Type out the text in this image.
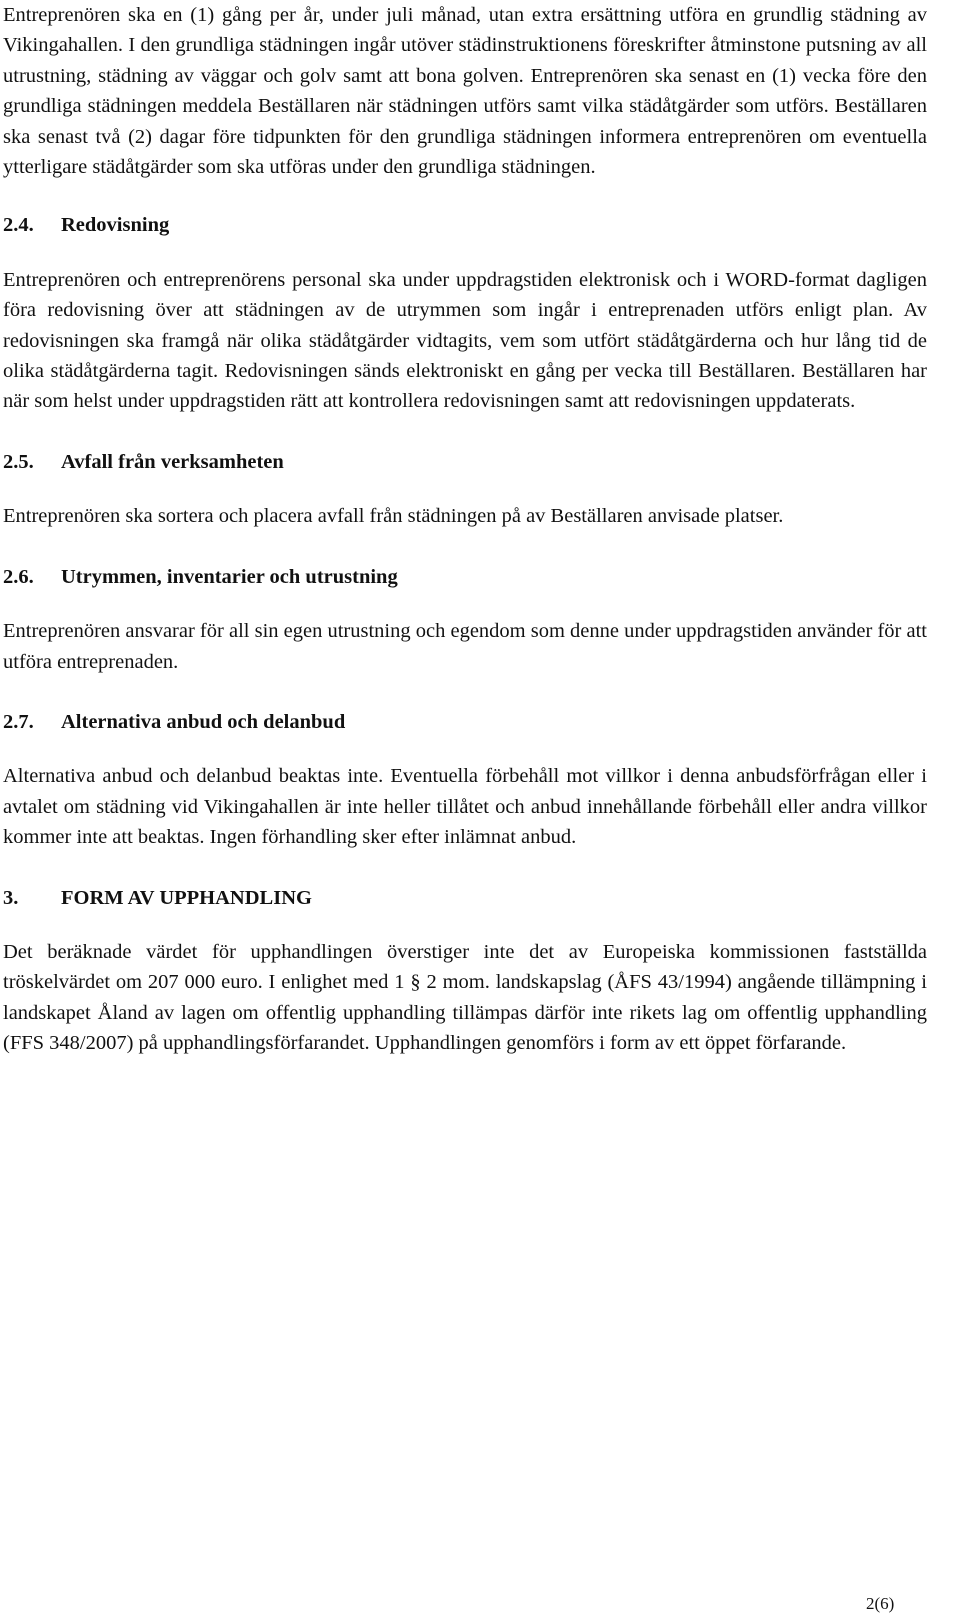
Entreprenören ska en (1) gång per år, under juli månad, utan extra ersättning utföra en grundlig städning av Vikingahallen. I den grundliga städningen ingår utöver städinstruktionens föreskrifter åtminstone putsning av all utrustning, städning av väggar och golv samt att bona golven. Entreprenören ska senast en (1) vecka före den grundliga städningen meddela Beställaren när städningen utförs samt vilka städåtgärder som utförs. Beställaren ska senast två (2) dagar före tidpunkten för den grundliga städningen informera entreprenören om eventuella ytterligare städåtgärder som ska utföras under den grundliga städningen.

2.4. Redovisning

Entreprenören och entreprenörens personal ska under uppdragstiden elektronisk och i WORD-format dagligen föra redovisning över att städningen av de utrymmen som ingår i entreprenaden utförs enligt plan. Av redovisningen ska framgå när olika städåtgärder vidtagits, vem som utfört städåtgärderna och hur lång tid de olika städåtgärderna tagit. Redovisningen sänds elektroniskt en gång per vecka till Beställaren. Beställaren har när som helst under uppdragstiden rätt att kontrollera redovisningen samt att redovisningen uppdaterats.

2.5. Avfall från verksamheten

Entreprenören ska sortera och placera avfall från städningen på av Beställaren anvisade platser.

2.6. Utrymmen, inventarier och utrustning

Entreprenören ansvarar för all sin egen utrustning och egendom som denne under uppdragstiden använder för att utföra entreprenaden.

2.7. Alternativa anbud och delanbud

Alternativa anbud och delanbud beaktas inte. Eventuella förbehåll mot villkor i denna anbudsförfrågan eller i avtalet om städning vid Vikingahallen är inte heller tillåtet och anbud innehållande förbehåll eller andra villkor kommer inte att beaktas. Ingen förhandling sker efter inlämnat anbud.

3. FORM AV UPPHANDLING

Det beräknade värdet för upphandlingen överstiger inte det av Europeiska kommissionen fastställda tröskelvärdet om 207 000 euro. I enlighet med 1 § 2 mom. landskapslag (ÅFS 43/1994) angående tillämpning i landskapet Åland av lagen om offentlig upphandling tillämpas därför inte rikets lag om offentlig upphandling (FFS 348/2007) på upphandlingsförfarandet. Upphandlingen genomförs i form av ett öppet förfarande.

2(6)
